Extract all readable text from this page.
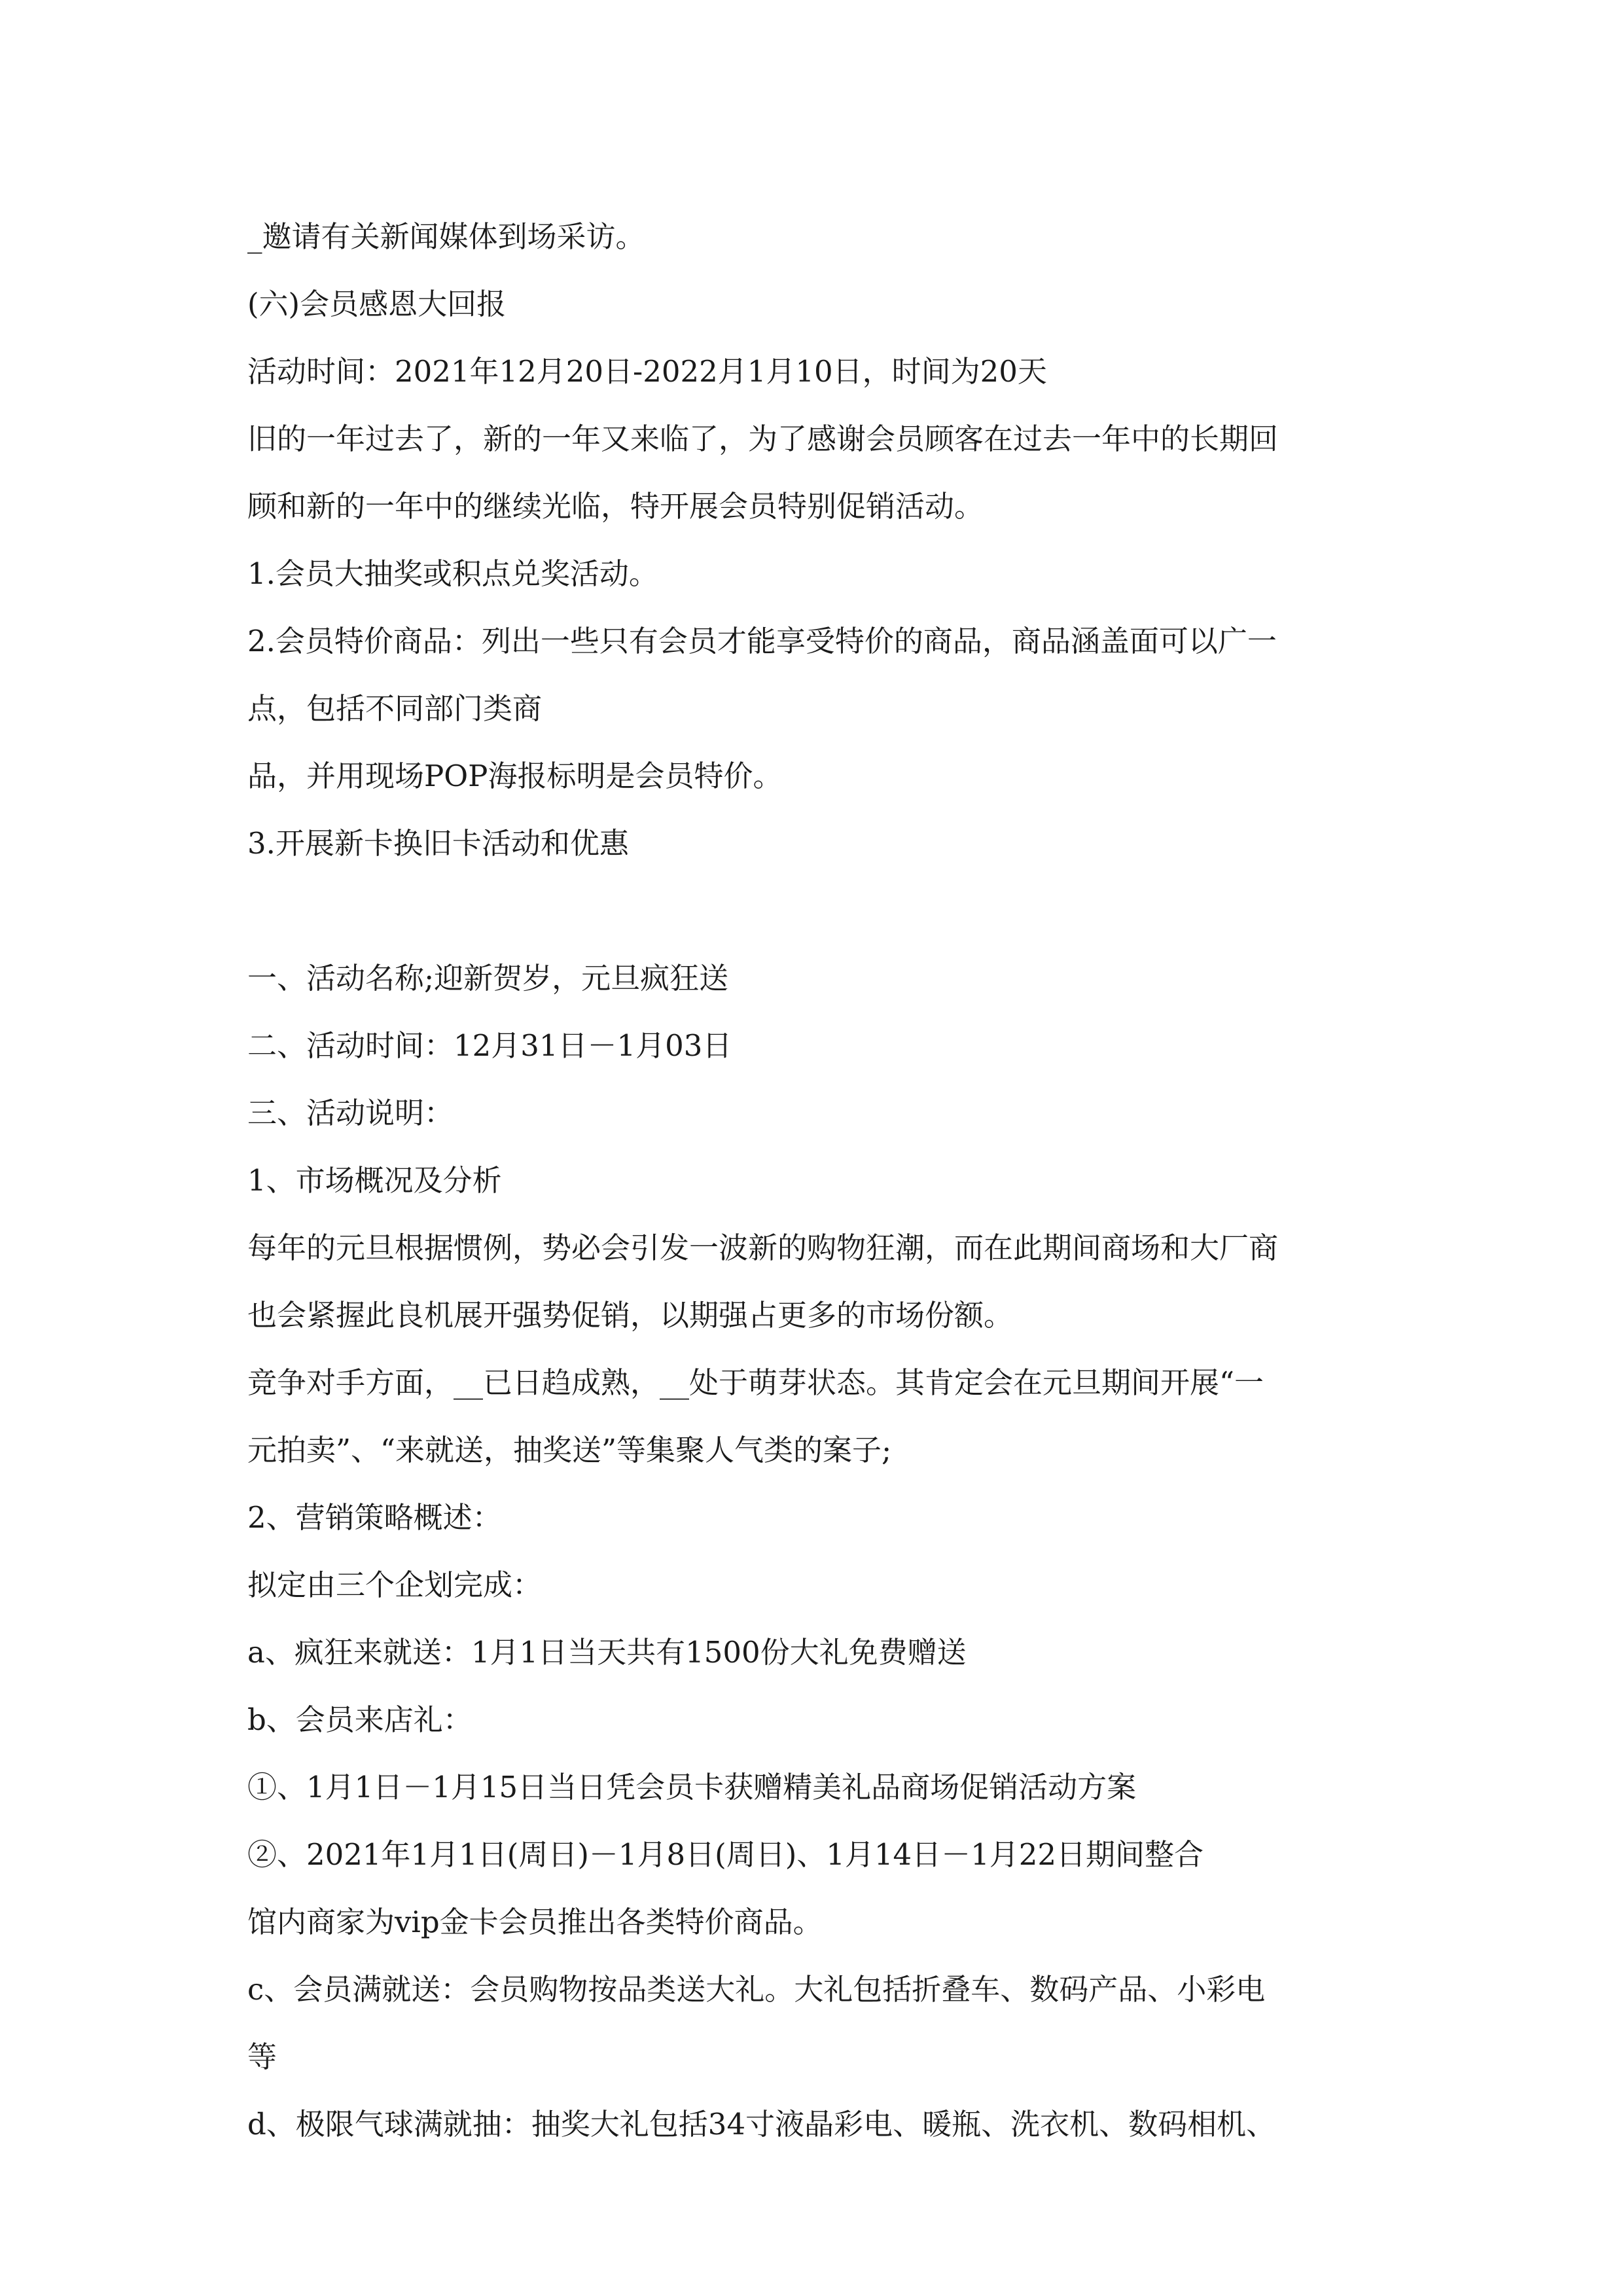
_邀请有关新闻媒体到场采访。
(六)会员感恩大回报
活动时间：2021年12月20日-2022月1月10日，时间为20天
旧的一年过去了，新的一年又来临了，为了感谢会员顾客在过去一年中的长期回
顾和新的一年中的继续光临，特开展会员特别促销活动。
1.会员大抽奖或积点兑奖活动。
2.会员特价商品：列出一些只有会员才能享受特价的商品，商品涵盖面可以广一
点，包括不同部门类商
品，并用现场POP海报标明是会员特价。
3.开展新卡换旧卡活动和优惠
一、活动名称;迎新贺岁，元旦疯狂送
二、活动时间：12月31日－1月03日
三、活动说明：
1、市场概况及分析
每年的元旦根据惯例，势必会引发一波新的购物狂潮，而在此期间商场和大厂商
也会紧握此良机展开强势促销，以期强占更多的市场份额。
竞争对手方面，__已日趋成熟，__处于萌芽状态。其肯定会在元旦期间开展“一
元拍卖”、“来就送，抽奖送”等集聚人气类的案子;
2、营销策略概述：
拟定由三个企划完成：
a、疯狂来就送：1月1日当天共有1500份大礼免费赠送
b、会员来店礼：
①、1月1日－1月15日当日凭会员卡获赠精美礼品商场促销活动方案
②、2021年1月1日(周日)－1月8日(周日)、1月14日－1月22日期间整合
馆内商家为vip金卡会员推出各类特价商品。
c、会员满就送：会员购物按品类送大礼。大礼包括折叠车、数码产品、小彩电
等
d、极限气球满就抽：抽奖大礼包括34寸液晶彩电、暖瓶、洗衣机、数码相机、
